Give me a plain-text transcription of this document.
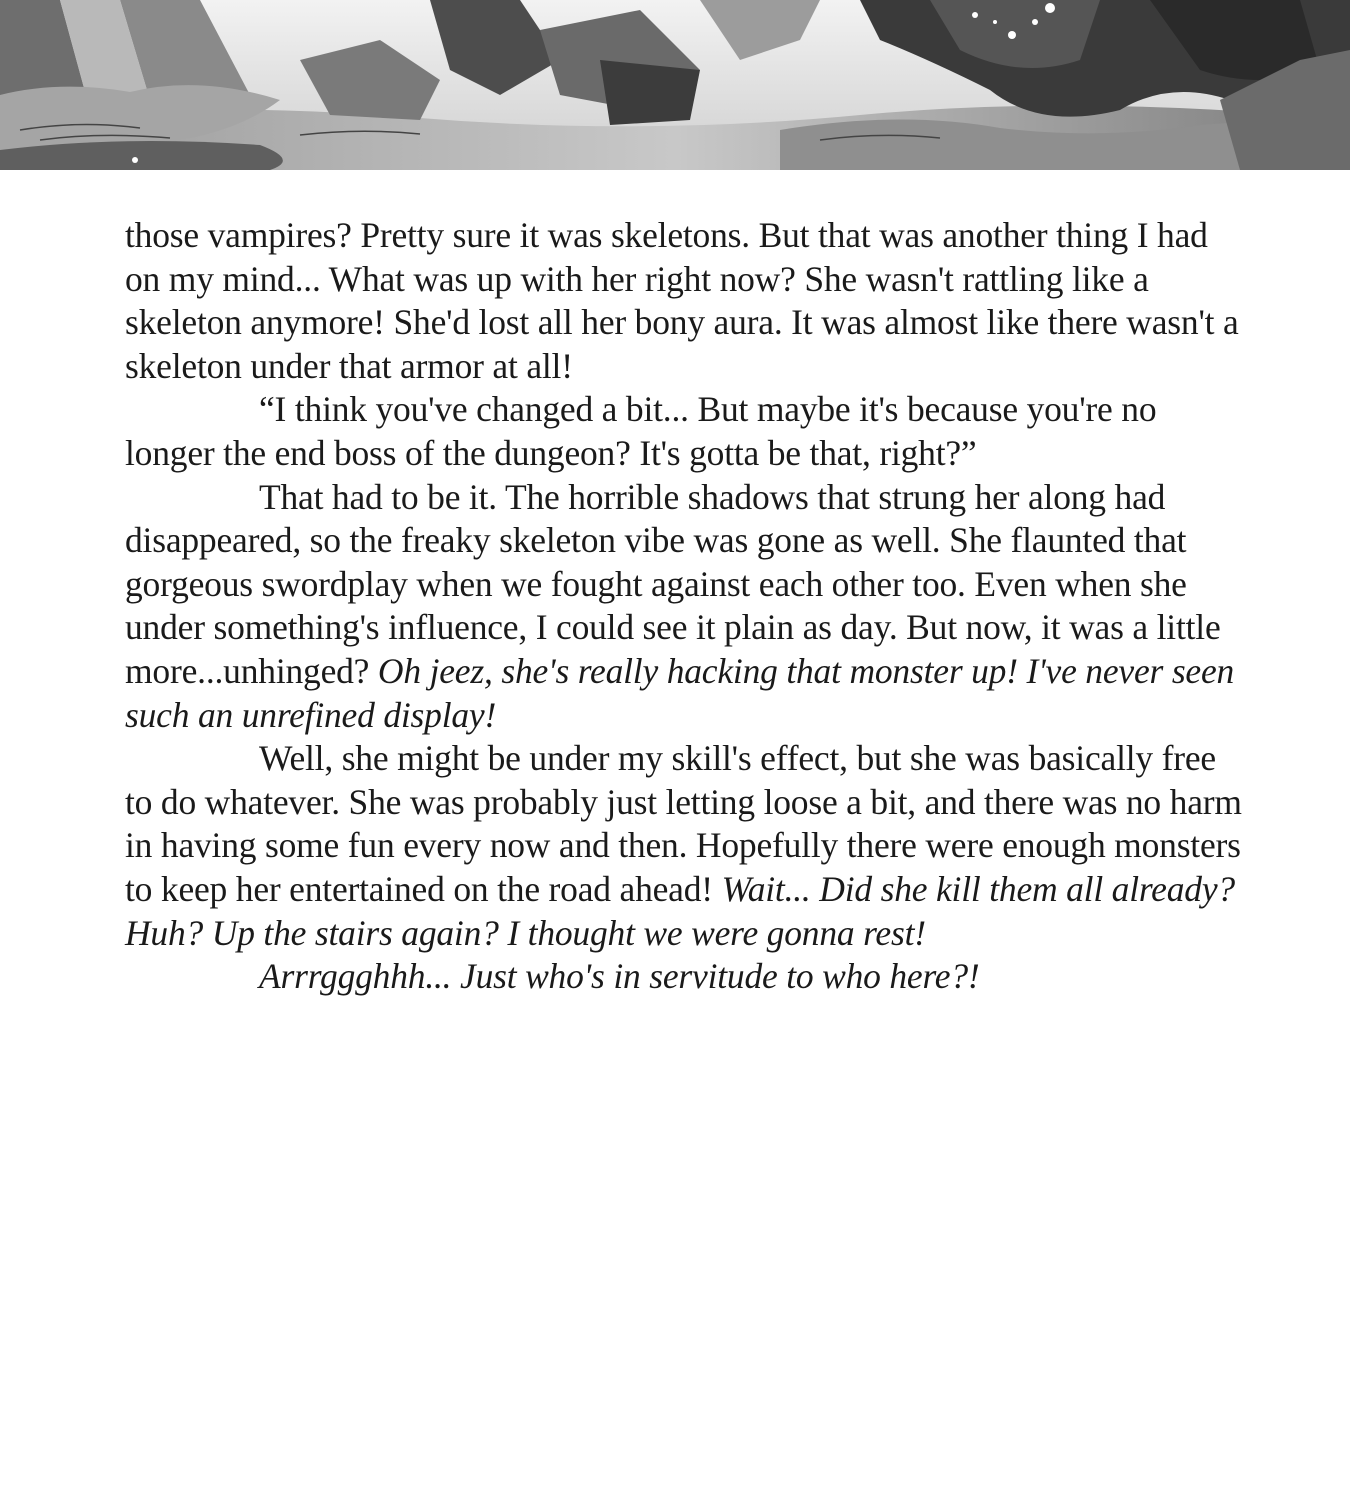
those vampires? Pretty sure it was skeletons. But that was another thing I had on my mind... What was up with her right now? She wasn't rattling like a skeleton anymore! She'd lost all her bony aura. It was almost like there wasn't a skeleton under that armor at all!

“I think you've changed a bit... But maybe it's because you're no longer the end boss of the dungeon? It's gotta be that, right?”

That had to be it. The horrible shadows that strung her along had disappeared, so the freaky skeleton vibe was gone as well. She flaunted that gorgeous swordplay when we fought against each other too. Even when she under something's influence, I could see it plain as day. But now, it was a little more...unhinged? Oh jeez, she's really hacking that monster up! I've never seen such an unrefined display!

Well, she might be under my skill's effect, but she was basically free to do whatever. She was probably just letting loose a bit, and there was no harm in having some fun every now and then. Hopefully there were enough monsters to keep her entertained on the road ahead! Wait... Did she kill them all already? Huh? Up the stairs again? I thought we were gonna rest!

Arrrggghhh... Just who's in servitude to who here?!
